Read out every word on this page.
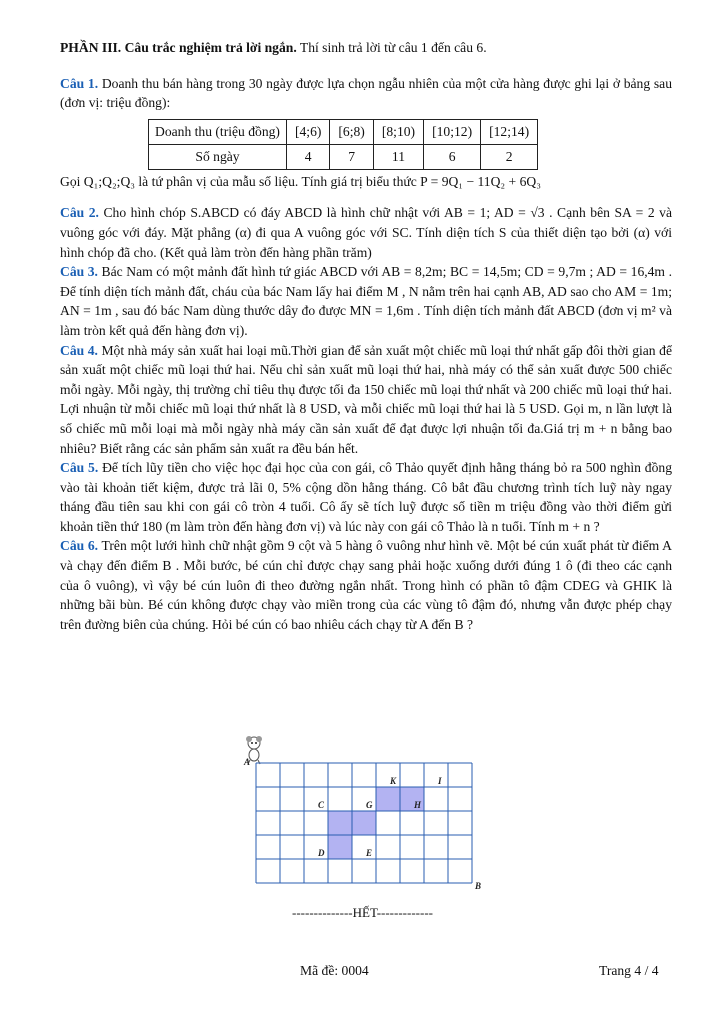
PHẦN III. Câu trắc nghiệm trả lời ngắn. Thí sinh trả lời từ câu 1 đến câu 6.

Câu 1. Doanh thu bán hàng trong 30 ngày được lựa chọn ngẫu nhiên của một cửa hàng được ghi lại ở bảng sau (đơn vị: triệu đồng):

Doanh thu (triệu đồng)	[4;6)	[6;8)	[8;10)	[10;12)	[12;14)
Số ngày	4	7	11	6	2

Gọi Q₁;Q₂;Q₃ là tứ phân vị của mẫu số liệu. Tính giá trị biểu thức P = 9Q₁ − 11Q₂ + 6Q₃

Câu 2. Cho hình chóp S.ABCD có đáy ABCD là hình chữ nhật với AB = 1; AD = √3 . Cạnh bên SA = 2 và vuông góc với đáy. Mặt phẳng (α) đi qua A vuông góc với SC. Tính diện tích S của thiết diện tạo bởi (α) với hình chóp đã cho. (Kết quả làm tròn đến hàng phần trăm)

Câu 3. Bác Nam có một mảnh đất hình tứ giác ABCD với AB = 8,2m; BC = 14,5m; CD = 9,7m ; AD = 16,4m . Để tính diện tích mảnh đất, cháu của bác Nam lấy hai điểm M , N nằm trên hai cạnh AB, AD sao cho AM = 1m; AN = 1m , sau đó bác Nam dùng thước dây đo được MN = 1,6m . Tính diện tích mảnh đất ABCD (đơn vị m² và làm tròn kết quả đến hàng đơn vị).

Câu 4. Một nhà máy sản xuất hai loại mũ.Thời gian để sản xuất một chiếc mũ loại thứ nhất gấp đôi thời gian để sản xuất một chiếc mũ loại thứ hai. Nếu chỉ sản xuất mũ loại thứ hai, nhà máy có thể sản xuất được 500 chiếc mỗi ngày. Mỗi ngày, thị trường chỉ tiêu thụ được tối đa 150 chiếc mũ loại thứ nhất và 200 chiếc mũ loại thứ hai. Lợi nhuận từ mỗi chiếc mũ loại thứ nhất là 8 USD, và mỗi chiếc mũ loại thứ hai là 5 USD. Gọi m, n lần lượt là số chiếc mũ mỗi loại mà mỗi ngày nhà máy cần sản xuất để đạt được lợi nhuận tối đa.Giá trị m + n bằng bao nhiêu? Biết rằng các sản phẩm sản xuất ra đều bán hết.

Câu 5. Để tích lũy tiền cho việc học đại học của con gái, cô Thảo quyết định hằng tháng bỏ ra 500 nghìn đồng vào tài khoản tiết kiệm, được trả lãi 0, 5% cộng dồn hằng tháng. Cô bắt đầu chương trình tích luỹ này ngay tháng đầu tiên sau khi con gái cô tròn 4 tuổi. Cô ấy sẽ tích luỹ được số tiền m triệu đồng vào thời điểm gửi khoản tiền thứ 180 (m làm tròn đến hàng đơn vị) và lúc này con gái cô Thảo là n tuổi. Tính m + n ?

Câu 6. Trên một lưới hình chữ nhật gồm 9 cột và 5 hàng ô vuông như hình vẽ. Một bé cún xuất phát từ điểm A và chạy đến điểm B . Mỗi bước, bé cún chỉ được chạy sang phải hoặc xuống dưới đúng 1 ô (đi theo các cạnh của ô vuông), vì vậy bé cún luôn đi theo đường ngắn nhất. Trong hình có phần tô đậm CDEG và GHIK là những bãi bùn. Bé cún không được chạy vào miền trong của các vùng tô đậm đó, nhưng vẫn được phép chạy trên đường biên của chúng. Hỏi bé cún có bao nhiêu cách chạy từ A đến B ?

A
B
C
D	E
G	H
I
K
--------------HẾT-------------
Mã đề: 0004	Trang 4 / 4
